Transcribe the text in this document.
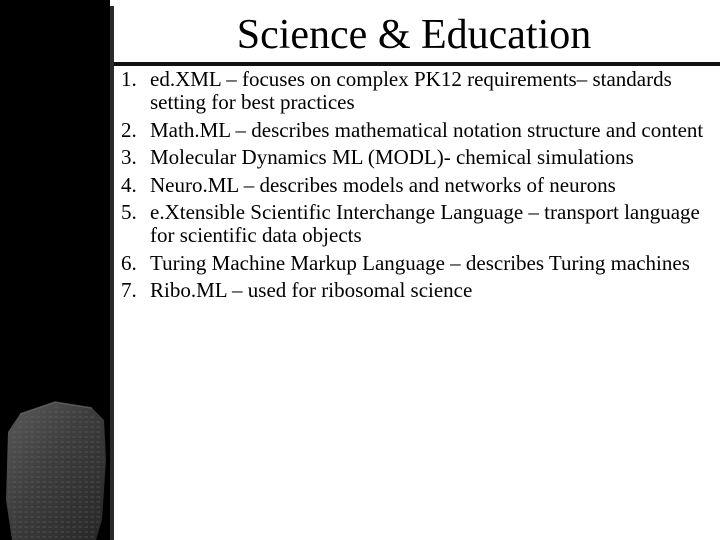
Science & Education
1. ed.XML – focuses on complex PK12 requirements– standards setting for best practices
2. Math.ML – describes mathematical notation structure and content
3. Molecular Dynamics ML (MODL)- chemical simulations
4. Neuro.ML – describes models and networks of neurons
5. e.Xtensible Scientific Interchange Language – transport language for scientific data objects
6. Turing Machine Markup Language – describes Turing machines
7. Ribo.ML – used for ribosomal science
